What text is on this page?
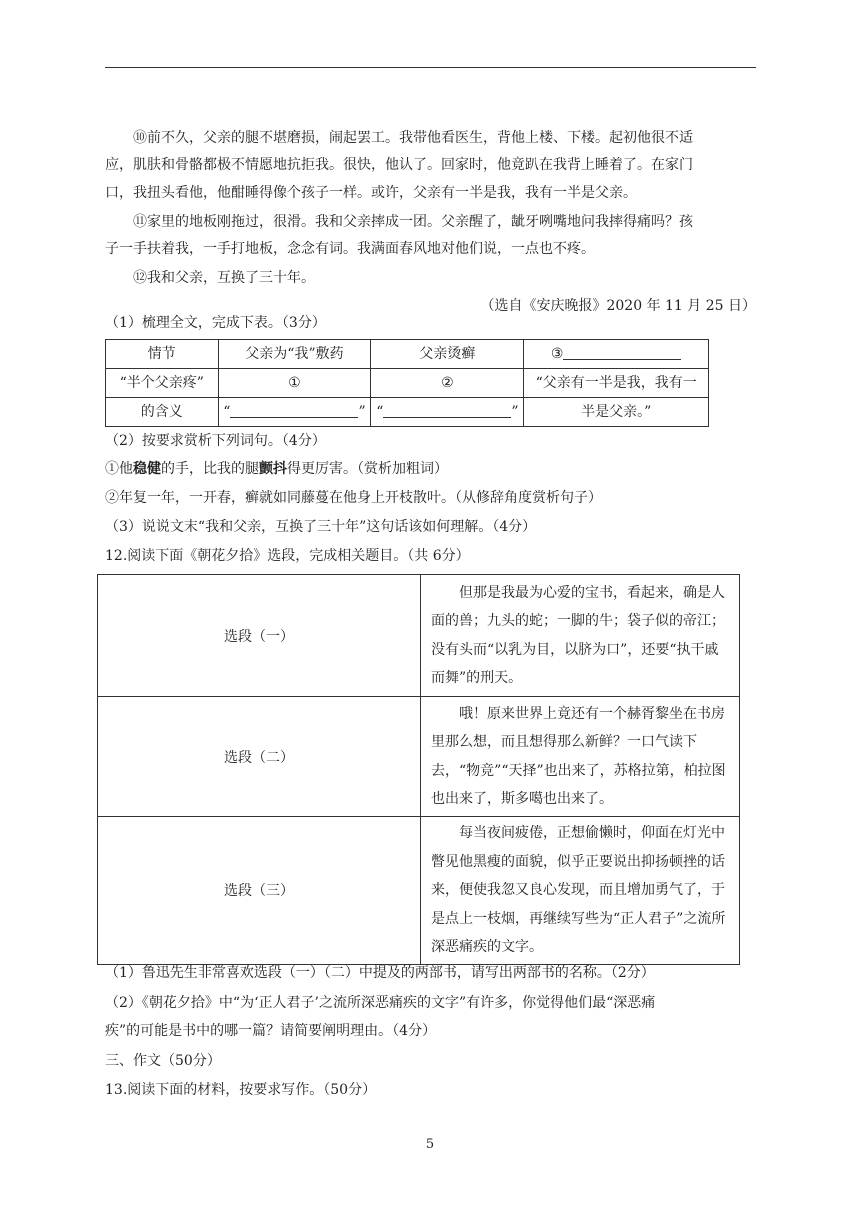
⑩前不久，父亲的腿不堪磨损，闹起罢工。我带他看医生，背他上楼、下楼。起初他很不适
应，肌肤和骨骼都极不情愿地抗拒我。很快，他认了。回家时，他竟趴在我背上睡着了。在家门
口，我扭头看他，他酣睡得像个孩子一样。或许，父亲有一半是我，我有一半是父亲。
⑪家里的地板刚拖过，很滑。我和父亲摔成一团。父亲醒了，龇牙咧嘴地问我摔得痛吗？孩
子一手扶着我，一手打地板，念念有词。我满面春风地对他们说，一点也不疼。
⑫我和父亲，互换了三十年。
（选自《安庆晚报》2020 年 11 月 25 日）
（1）梳理全文，完成下表。（3分）
情节	父亲为“我”敷药	父亲烫癣	③
“半个父亲疼”	①	②	“父亲有一半是我，我有一
的含义	“ ”	“ ”	半是父亲。”
（2）按要求赏析下列词句。（4分）
①他稳健的手，比我的腿颤抖得更厉害。（赏析加粗词）
②年复一年，一开春，癣就如同藤蔓在他身上开枝散叶。（从修辞角度赏析句子）
（3）说说文末“我和父亲，互换了三十年”这句话该如何理解。（4分）
12.阅读下面《朝花夕拾》选段，完成相关题目。（共 6分）
选段（一）	但那是我最为心爱的宝书，看起来，确是人面的兽；九头的蛇；一脚的牛；袋子似的帝江；没有头而“以乳为目，以脐为口”，还要“执干戚而舞”的刑天。
选段（二）	哦！原来世界上竟还有一个赫胥黎坐在书房里那么想，而且想得那么新鲜？一口气读下去，“物竞”“天择”也出来了，苏格拉第，柏拉图也出来了，斯多噶也出来了。
选段（三）	每当夜间疲倦，正想偷懒时，仰面在灯光中瞥见他黑瘦的面貌，似乎正要说出抑扬顿挫的话来，便使我忽又良心发现，而且增加勇气了，于是点上一枝烟，再继续写些为“正人君子”之流所深恶痛疾的文字。
（1）鲁迅先生非常喜欢选段（一）（二）中提及的两部书，请写出两部书的名称。（2分）
（2）《朝花夕拾》中“为‘正人君子’之流所深恶痛疾的文字”有许多，你觉得他们最“深恶痛
疾”的可能是书中的哪一篇？请简要阐明理由。（4分）
三、作文（50分）
13.阅读下面的材料，按要求写作。（50分）
5
